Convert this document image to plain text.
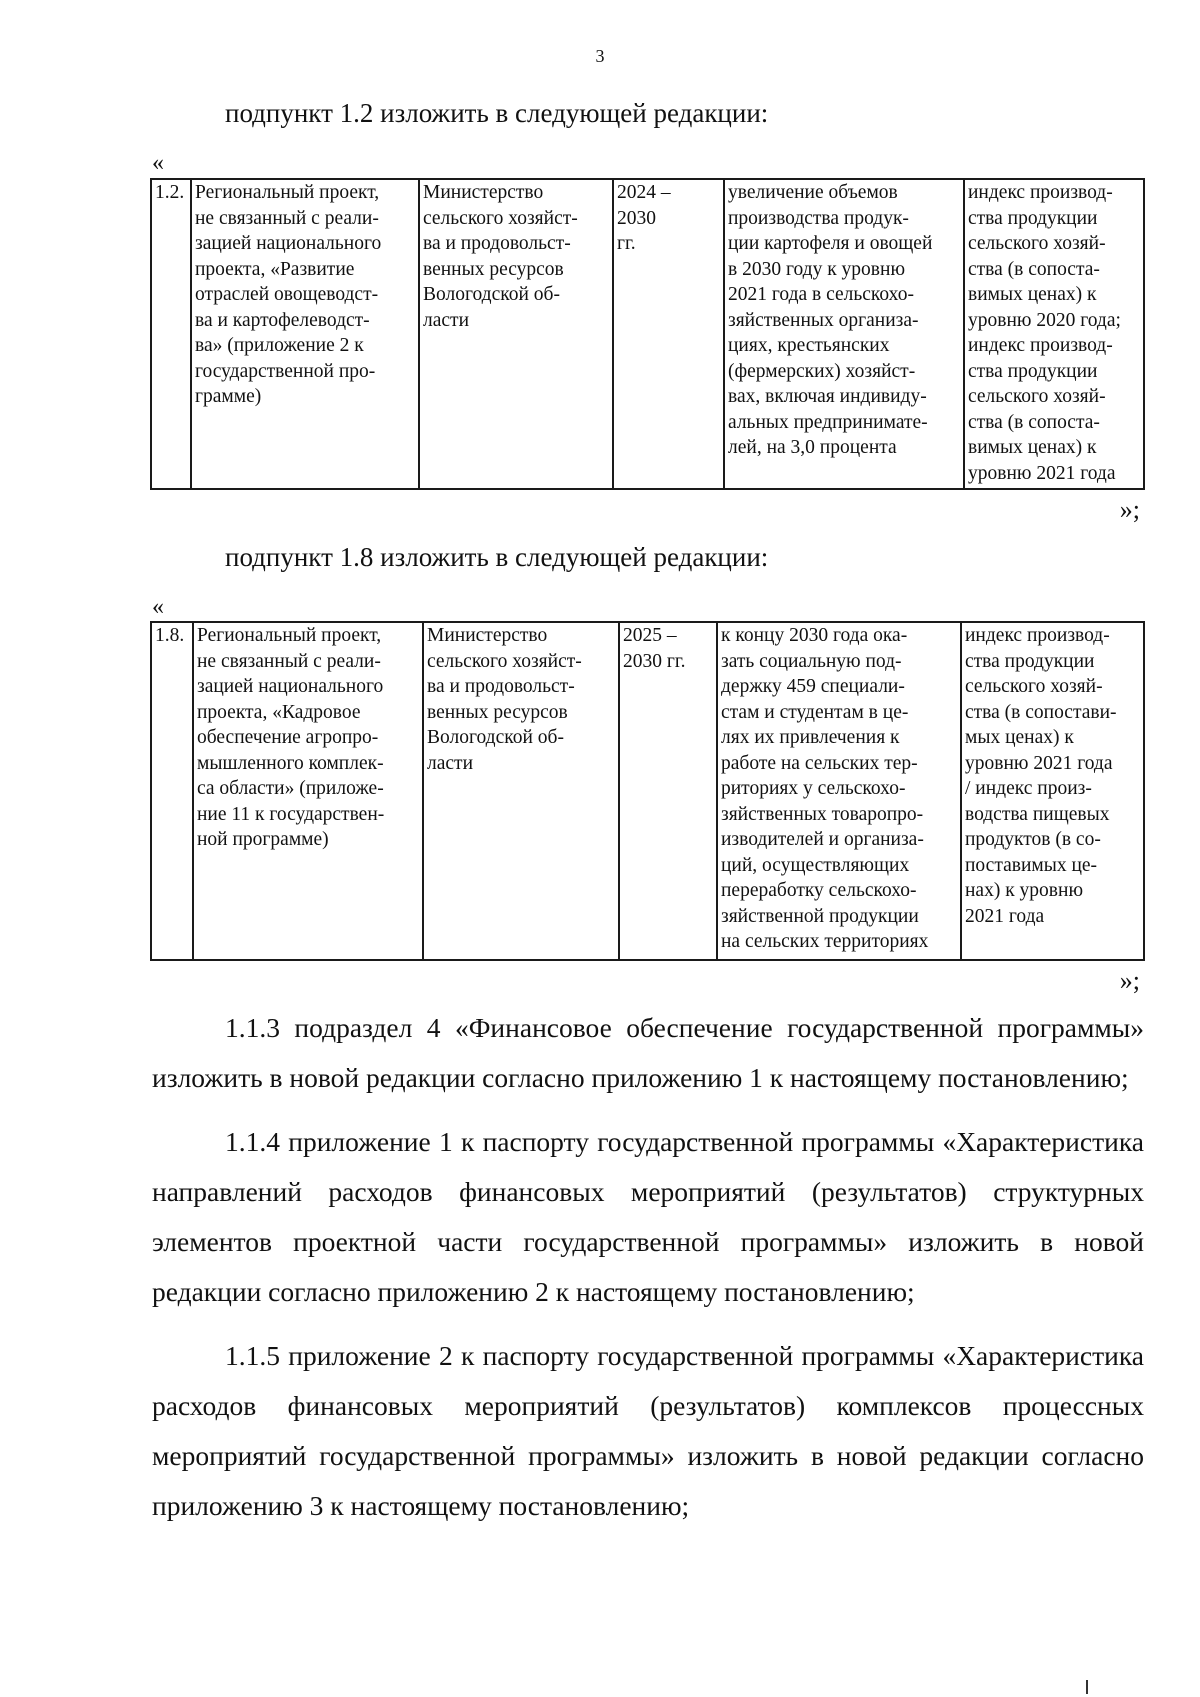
3
подпункт 1.2 изложить в следующей редакции:
«
1.2.	Региональный проект,
не связанный с реали-
зацией национального
проекта, «Развитие
отраслей овощеводст-
ва и картофелеводст-
ва» (приложение 2 к
государственной про-
грамме)	Министерство
сельского хозяйст-
ва и продовольст-
венных ресурсов
Вологодской об-
ласти	2024 –
2030
гг.	увеличение объемов
производства продук-
ции картофеля и овощей
в 2030 году к уровню
2021 года в сельскохо-
зяйственных организа-
циях, крестьянских
(фермерских) хозяйст-
вах, включая индивиду-
альных предпринимате-
лей, на 3,0 процента	индекс производ-
ства продукции
сельского хозяй-
ства (в сопоста-
вимых ценах) к
уровню 2020 года;
индекс производ-
ства продукции
сельского хозяй-
ства (в сопоста-
вимых ценах) к
уровню 2021 года
»;
подпункт 1.8 изложить в следующей редакции:
«
1.8.	Региональный проект,
не связанный с реали-
зацией национального
проекта, «Кадровое
обеспечение агропро-
мышленного комплек-
са области» (приложе-
ние 11 к государствен-
ной программе)	Министерство
сельского хозяйст-
ва и продовольст-
венных ресурсов
Вологодской об-
ласти	2025 –
2030 гг.	к концу 2030 года ока-
зать социальную под-
держку 459 специали-
стам и студентам в це-
лях их привлечения к
работе на сельских тер-
риториях у сельскохо-
зяйственных товаропро-
изводителей и организа-
ций, осуществляющих
переработку сельскохо-
зяйственной продукции
на сельских территориях	индекс производ-
ства продукции
сельского хозяй-
ства (в сопостави-
мых ценах) к
уровню 2021 года
/ индекс произ-
водства пищевых
продуктов (в со-
поставимых це-
нах) к уровню
2021 года
»;

1.1.3 подраздел 4 «Финансовое обеспечение государственной программы» изложить в новой редакции согласно приложению 1 к настоящему постановлению;

1.1.4 приложение 1 к паспорту государственной программы «Характеристика направлений расходов финансовых мероприятий (результатов) структурных элементов проектной части государственной программы» изложить в новой редакции согласно приложению 2 к настоящему постановлению;

1.1.5 приложение 2 к паспорту государственной программы «Характеристика расходов финансовых мероприятий (результатов) комплексов процессных мероприятий государственной программы» изложить в новой редакции согласно приложению 3 к настоящему постановлению;
